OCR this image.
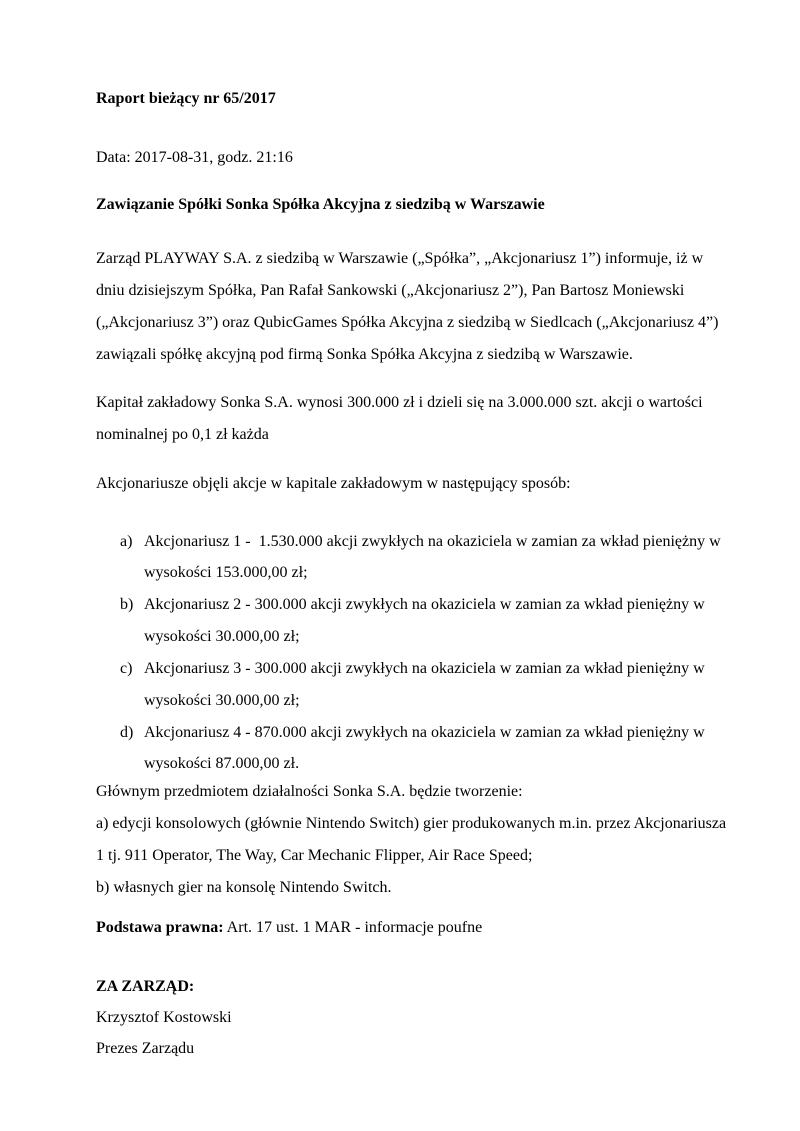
Raport bieżący nr 65/2017
Data: 2017-08-31, godz. 21:16
Zawiązanie Spółki Sonka Spółka Akcyjna z siedzibą w Warszawie
Zarząd PLAYWAY S.A. z siedzibą w Warszawie („Spółka”, „Akcjonariusz 1”) informuje, iż w
dniu dzisiejszym Spółka, Pan Rafał Sankowski („Akcjonariusz 2”), Pan Bartosz Moniewski
(„Akcjonariusz 3”) oraz QubicGames Spółka Akcyjna z siedzibą w Siedlcach („Akcjonariusz 4”)
zawiązali spółkę akcyjną pod firmą Sonka Spółka Akcyjna z siedzibą w Warszawie.
Kapitał zakładowy Sonka S.A. wynosi 300.000 zł i dzieli się na 3.000.000 szt. akcji o wartości
nominalnej po 0,1 zł każda
Akcjonariusze objęli akcje w kapitale zakładowym w następujący sposób:
a) Akcjonariusz 1 -  1.530.000 akcji zwykłych na okaziciela w zamian za wkład pieniężny w
wysokości 153.000,00 zł;
b) Akcjonariusz 2 - 300.000 akcji zwykłych na okaziciela w zamian za wkład pieniężny w
wysokości 30.000,00 zł;
c) Akcjonariusz 3 - 300.000 akcji zwykłych na okaziciela w zamian za wkład pieniężny w
wysokości 30.000,00 zł;
d) Akcjonariusz 4 - 870.000 akcji zwykłych na okaziciela w zamian za wkład pieniężny w
wysokości 87.000,00 zł.
Głównym przedmiotem działalności Sonka S.A. będzie tworzenie:
a) edycji konsolowych (głównie Nintendo Switch) gier produkowanych m.in. przez Akcjonariusza
1 tj. 911 Operator, The Way, Car Mechanic Flipper, Air Race Speed;
b) własnych gier na konsolę Nintendo Switch.
Podstawa prawna: Art. 17 ust. 1 MAR - informacje poufne
ZA ZARZĄD:
Krzysztof Kostowski
Prezes Zarządu
